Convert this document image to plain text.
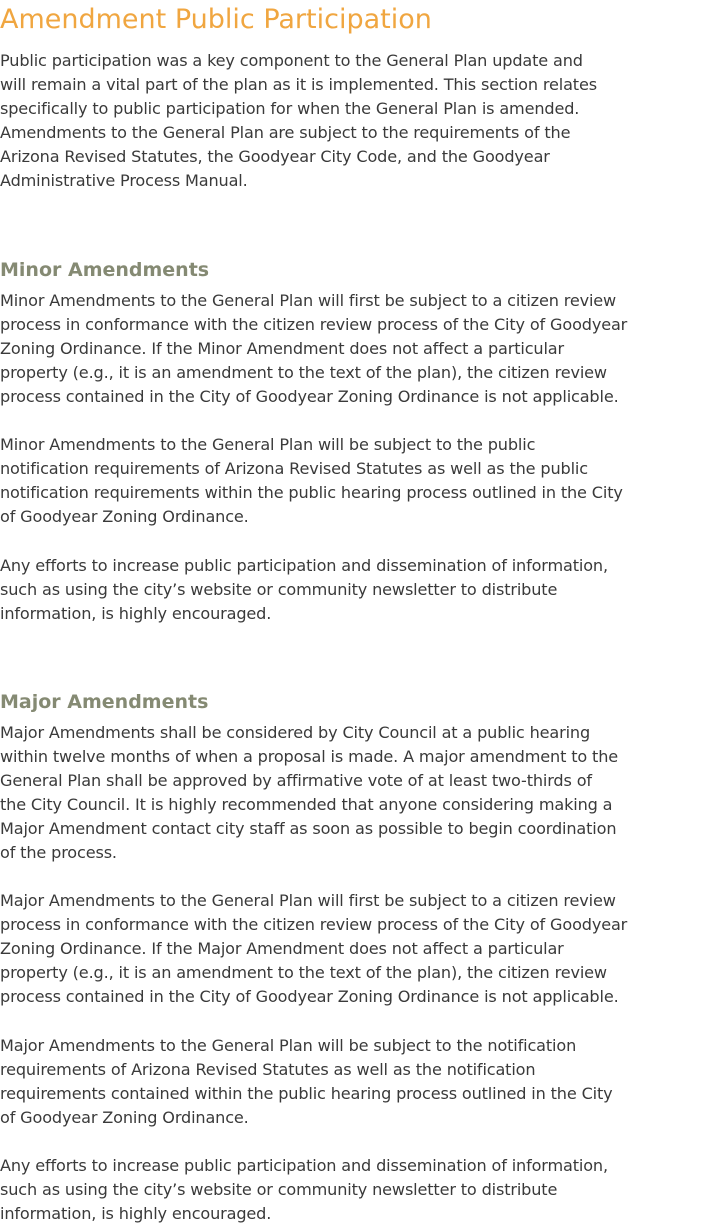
Amendment Public Participation

Public participation was a key component to the General Plan update and
will remain a vital part of the plan as it is implemented. This section relates
specifically to public participation for when the General Plan is amended.
Amendments to the General Plan are subject to the requirements of the
Arizona Revised Statutes, the Goodyear City Code, and the Goodyear
Administrative Process Manual.

Minor Amendments

Minor Amendments to the General Plan will first be subject to a citizen review
process in conformance with the citizen review process of the City of Goodyear
Zoning Ordinance. If the Minor Amendment does not affect a particular
property (e.g., it is an amendment to the text of the plan), the citizen review
process contained in the City of Goodyear Zoning Ordinance is not applicable.

Minor Amendments to the General Plan will be subject to the public
notification requirements of Arizona Revised Statutes as well as the public
notification requirements within the public hearing process outlined in the City
of Goodyear Zoning Ordinance.

Any efforts to increase public participation and dissemination of information,
such as using the city’s website or community newsletter to distribute
information, is highly encouraged.

Major Amendments

Major Amendments shall be considered by City Council at a public hearing
within twelve months of when a proposal is made. A major amendment to the
General Plan shall be approved by affirmative vote of at least two-thirds of
the City Council. It is highly recommended that anyone considering making a
Major Amendment contact city staff as soon as possible to begin coordination
of the process.

Major Amendments to the General Plan will first be subject to a citizen review
process in conformance with the citizen review process of the City of Goodyear
Zoning Ordinance. If the Major Amendment does not affect a particular
property (e.g., it is an amendment to the text of the plan), the citizen review
process contained in the City of Goodyear Zoning Ordinance is not applicable.

Major Amendments to the General Plan will be subject to the notification
requirements of Arizona Revised Statutes as well as the notification
requirements contained within the public hearing process outlined in the City
of Goodyear Zoning Ordinance.

Any efforts to increase public participation and dissemination of information,
such as using the city’s website or community newsletter to distribute
information, is highly encouraged.
